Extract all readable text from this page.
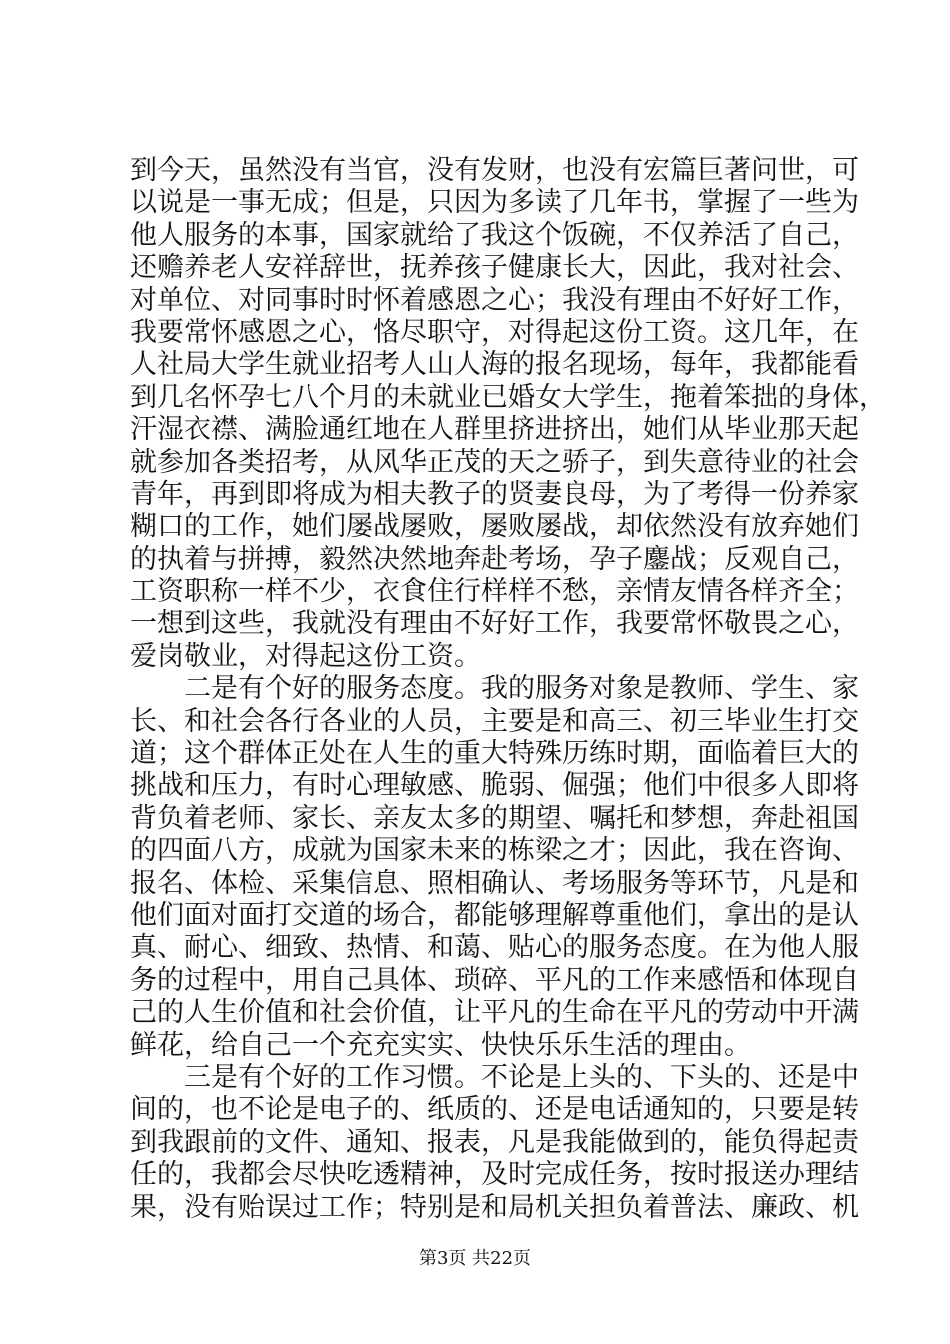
到今天，虽然没有当官，没有发财，也没有宏篇巨著问世，可
以说是一事无成；但是，只因为多读了几年书，掌握了一些为
他人服务的本事，国家就给了我这个饭碗，不仅养活了自己，
还赡养老人安祥辞世，抚养孩子健康长大，因此，我对社会、
对单位、对同事时时怀着感恩之心；我没有理由不好好工作，
我要常怀感恩之心，恪尽职守，对得起这份工资。这几年，在
人社局大学生就业招考人山人海的报名现场，每年，我都能看
到几名怀孕七八个月的未就业已婚女大学生，拖着笨拙的身体，
汗湿衣襟、满脸通红地在人群里挤进挤出，她们从毕业那天起
就参加各类招考，从风华正茂的天之骄子，到失意待业的社会
青年，再到即将成为相夫教子的贤妻良母，为了考得一份养家
糊口的工作，她们屡战屡败，屡败屡战，却依然没有放弃她们
的执着与拼搏，毅然决然地奔赴考场，孕子鏖战；反观自己，
工资职称一样不少，衣食住行样样不愁，亲情友情各样齐全；
一想到这些，我就没有理由不好好工作，我要常怀敬畏之心，
爱岗敬业，对得起这份工资。
二是有个好的服务态度。我的服务对象是教师、学生、家
长、和社会各行各业的人员，主要是和高三、初三毕业生打交
道；这个群体正处在人生的重大特殊历练时期，面临着巨大的
挑战和压力，有时心理敏感、脆弱、倔强；他们中很多人即将
背负着老师、家长、亲友太多的期望、嘱托和梦想，奔赴祖国
的四面八方，成就为国家未来的栋梁之才；因此，我在咨询、
报名、体检、采集信息、照相确认、考场服务等环节，凡是和
他们面对面打交道的场合，都能够理解尊重他们，拿出的是认
真、耐心、细致、热情、和蔼、贴心的服务态度。在为他人服
务的过程中，用自己具体、琐碎、平凡的工作来感悟和体现自
己的人生价值和社会价值，让平凡的生命在平凡的劳动中开满
鲜花，给自己一个充充实实、快快乐乐生活的理由。
三是有个好的工作习惯。不论是上头的、下头的、还是中
间的，也不论是电子的、纸质的、还是电话通知的，只要是转
到我跟前的文件、通知、报表，凡是我能做到的，能负得起责
任的，我都会尽快吃透精神，及时完成任务，按时报送办理结
果，没有贻误过工作；特别是和局机关担负着普法、廉政、机
第3页 共22页
